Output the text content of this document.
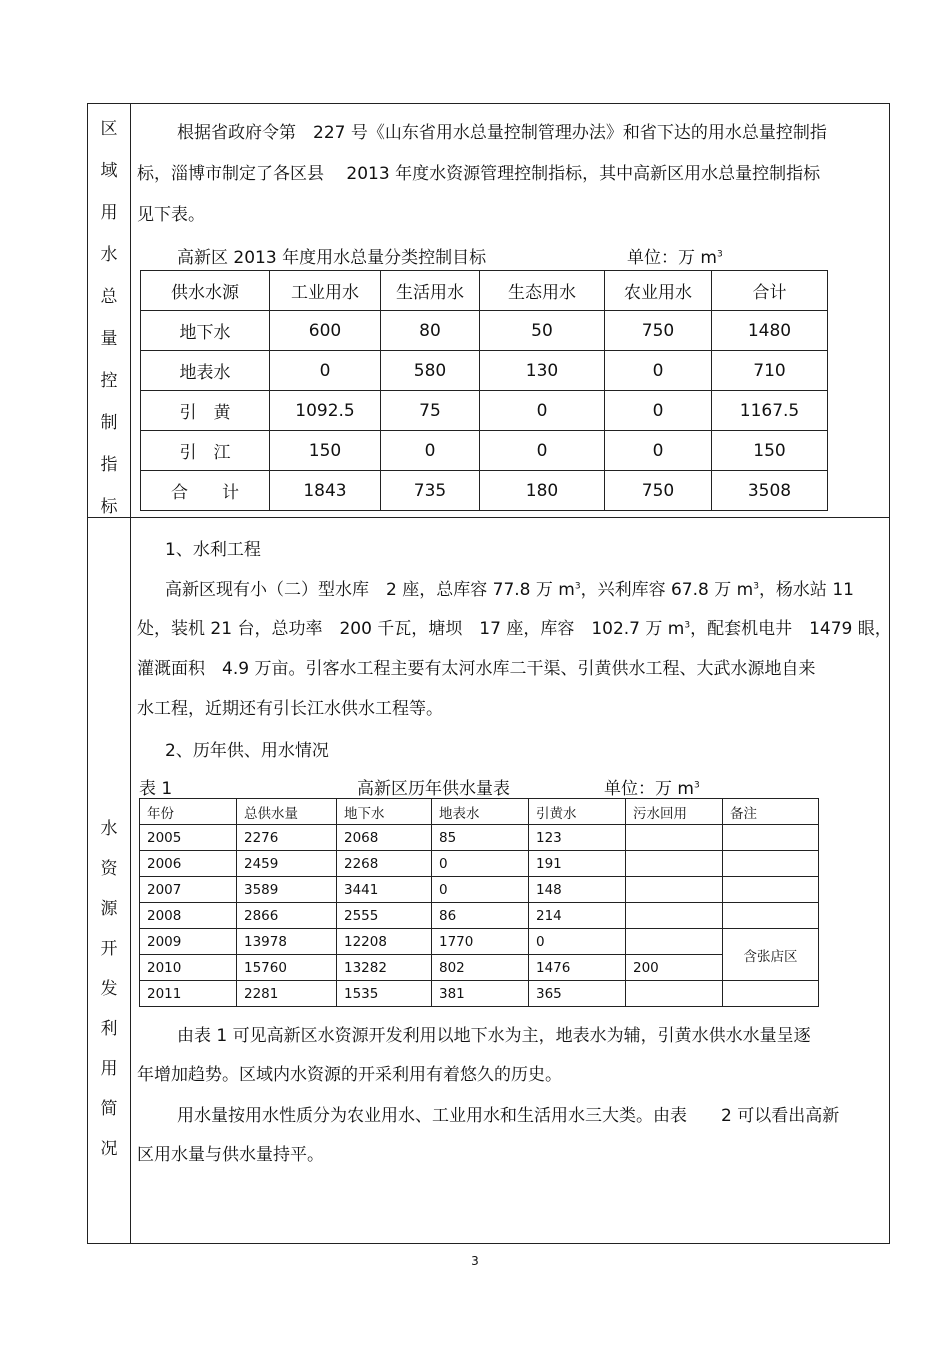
区
域
用
水
总
量
控
制
指
标
根据省政府令第　227 号《山东省用水总量控制管理办法》和省下达的用水总量控制指
标，淄博市制定了各区县　 2013 年度水资源管理控制指标，其中高新区用水总量控制指标
见下表。
高新区 2013 年度用水总量分类控制目标	单位：万 $m^3$
供水水源	工业用水	生活用水	生态用水	农业用水	合计
地下水	600	80	50	750	1480
地表水	0	580	130	0	710
引　黄	1092.5	75	0	0	1167.5
引　江	150	0	0	0	150
合　　计	1843	735	180	750	3508
水
资
源
开
发
利
用
简
况
1、水利工程
高新区现有小（二）型水库　2 座，总库容 77.8 万 $m^3$，兴利库容 67.8 万 $m^3$，杨水站 11
处，装机 21 台，总功率　200 千瓦，塘坝　17 座，库容　102.7 万 $m^3$，配套机电井　1479 眼，
灌溉面积　4.9 万亩。引客水工程主要有太河水库二干渠、引黄供水工程、大武水源地自来
水工程，近期还有引长江水供水工程等。
2、历年供、用水情况
表 1	高新区历年供水量表	单位：万 $m^3$
年份	总供水量	地下水	地表水	引黄水	污水回用	备注
2005	2276	2068	85	123		
2006	2459	2268	0	191		
2007	3589	3441	0	148		
2008	2866	2555	86	214		
2009	13978	12208	1770	0		含张店区
2010	15760	13282	802	1476	200	
2011	2281	1535	381	365		
由表 1 可见高新区水资源开发利用以地下水为主，地表水为辅，引黄水供水水量呈逐
年增加趋势。区域内水资源的开采利用有着悠久的历史。
用水量按用水性质分为农业用水、工业用水和生活用水三大类。由表　　2 可以看出高新
区用水量与供水量持平。
3
